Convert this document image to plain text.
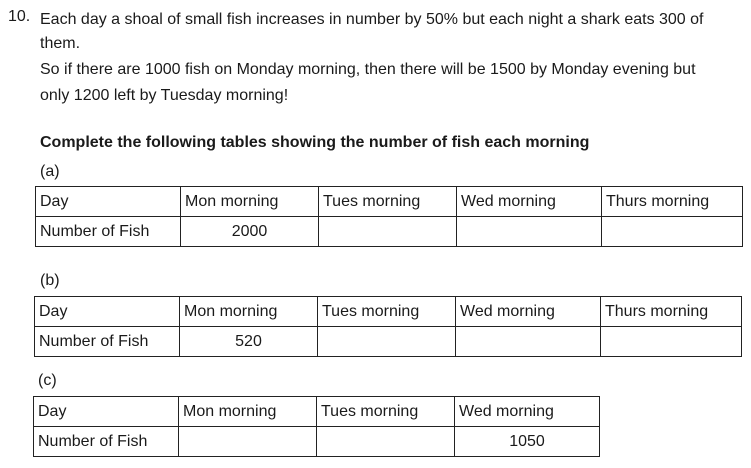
10. Each day a shoal of small fish increases in number by 50% but each night a shark eats 300 of
them.
So if there are 1000 fish on Monday morning, then there will be 1500 by Monday evening but
only 1200 left by Tuesday morning!
Complete the following tables showing the number of fish each morning
(a)
Day	Mon morning	Tues morning	Wed morning	Thurs morning
Number of Fish	2000			
(b)
Day	Mon morning	Tues morning	Wed morning	Thurs morning
Number of Fish	520			
(c)
Day	Mon morning	Tues morning	Wed morning
Number of Fish			1050
